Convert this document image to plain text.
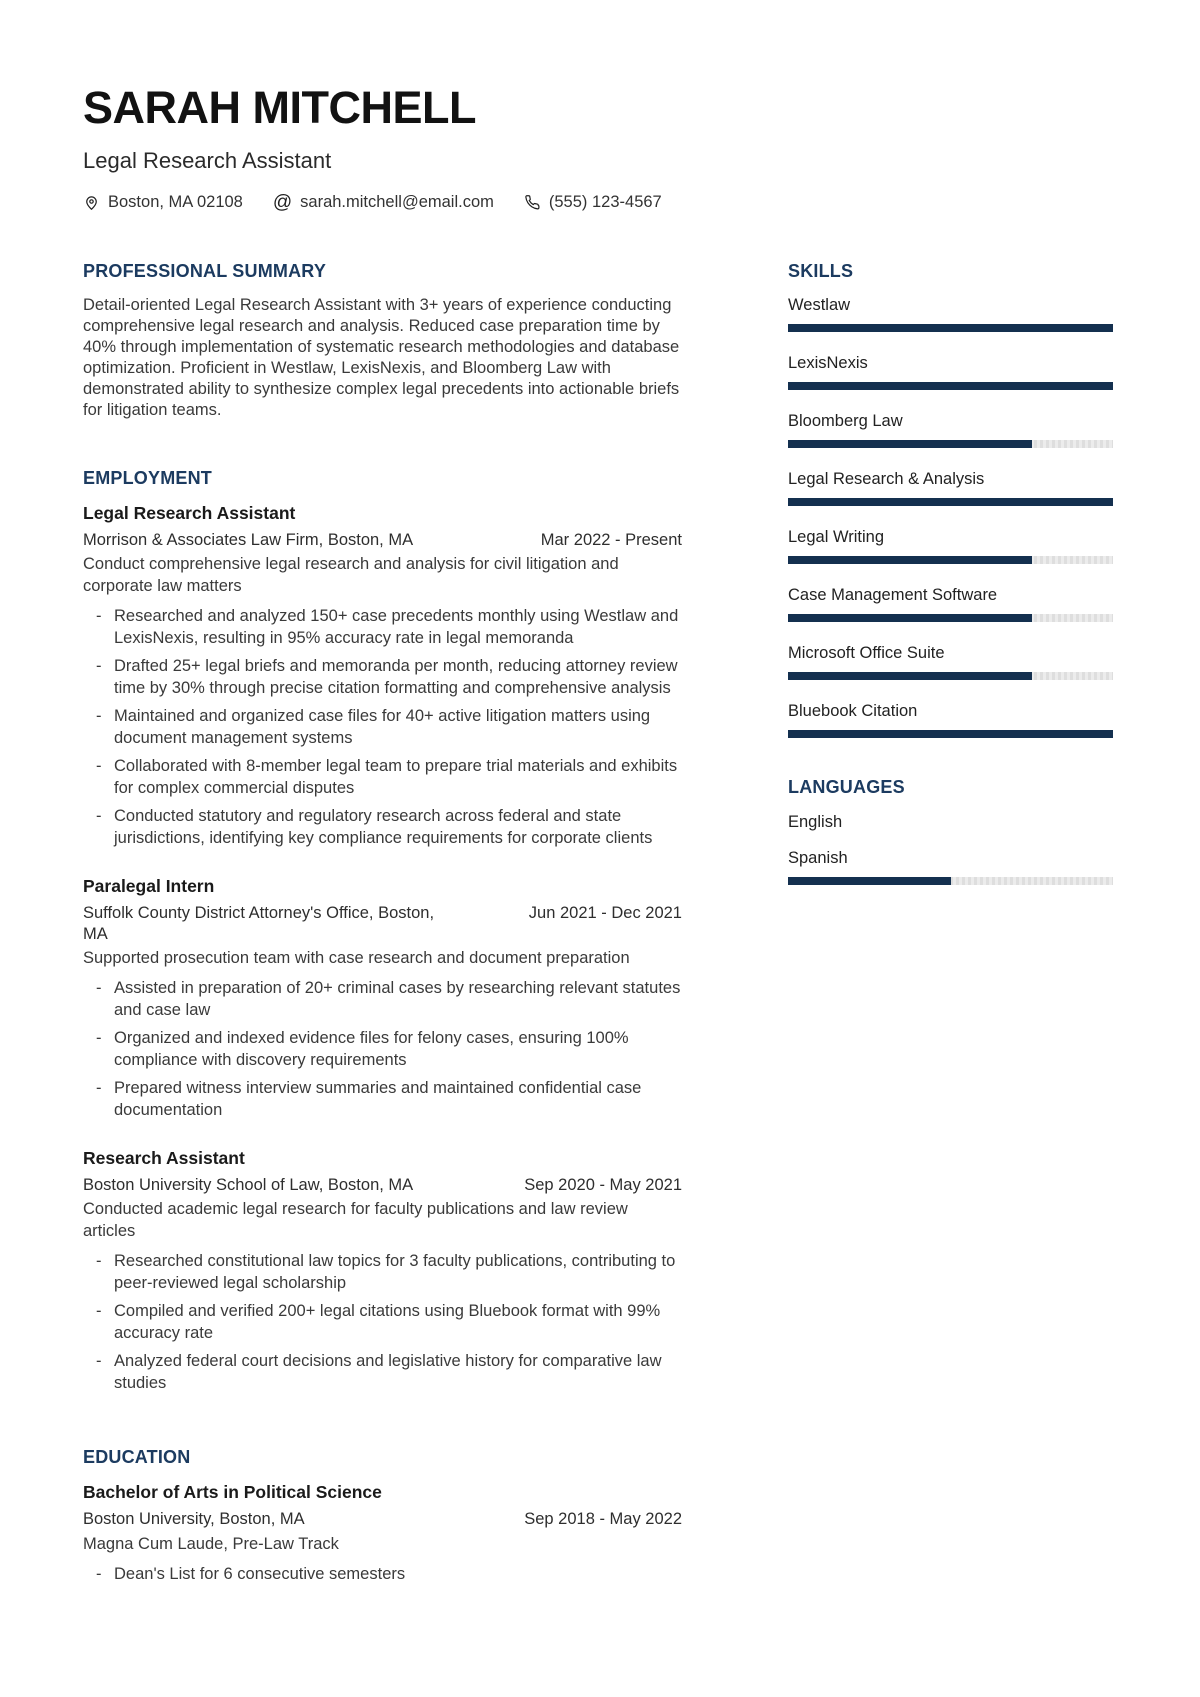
SARAH MITCHELL
Legal Research Assistant
Boston, MA 02108 @ sarah.mitchell@email.com	(555) 123-4567
PROFESSIONAL SUMMARY

Detail-oriented Legal Research Assistant with 3+ years of experience conducting comprehensive legal research and analysis. Reduced case preparation time by 40% through implementation of systematic research methodologies and database optimization. Proficient in Westlaw, LexisNexis, and Bloomberg Law with demonstrated ability to synthesize complex legal precedents into actionable briefs for litigation teams.

EMPLOYMENT
Legal Research Assistant
Morrison & Associates Law Firm, Boston, MA	Mar 2022 - Present
Conduct comprehensive legal research and analysis for civil litigation and corporate law matters
- Researched and analyzed 150+ case precedents monthly using Westlaw and LexisNexis, resulting in 95% accuracy rate in legal memoranda
- Drafted 25+ legal briefs and memoranda per month, reducing attorney review time by 30% through precise citation formatting and comprehensive analysis
- Maintained and organized case files for 40+ active litigation matters using document management systems
- Collaborated with 8-member legal team to prepare trial materials and exhibits for complex commercial disputes
- Conducted statutory and regulatory research across federal and state jurisdictions, identifying key compliance requirements for corporate clients
Paralegal Intern
Suffolk County District Attorney's Office, Boston, MA
Jun 2021 - Dec 2021
Supported prosecution team with case research and document preparation
- Assisted in preparation of 20+ criminal cases by researching relevant statutes and case law
- Organized and indexed evidence files for felony cases, ensuring 100% compliance with discovery requirements
- Prepared witness interview summaries and maintained confidential case documentation
Research Assistant
Boston University School of Law, Boston, MA	Sep 2020 - May 2021
Conducted academic legal research for faculty publications and law review articles
- Researched constitutional law topics for 3 faculty publications, contributing to peer-reviewed legal scholarship
- Compiled and verified 200+ legal citations using Bluebook format with 99% accuracy rate
- Analyzed federal court decisions and legislative history for comparative law studies
EDUCATION
Bachelor of Arts in Political Science
Boston University, Boston, MA	Sep 2018 - May 2022
Magna Cum Laude, Pre-Law Track
- Dean's List for 6 consecutive semesters
SKILLS
Westlaw
LexisNexis
Bloomberg Law
Legal Research & Analysis
Legal Writing
Case Management Software
Microsoft Office Suite
Bluebook Citation
LANGUAGES
English
Spanish
